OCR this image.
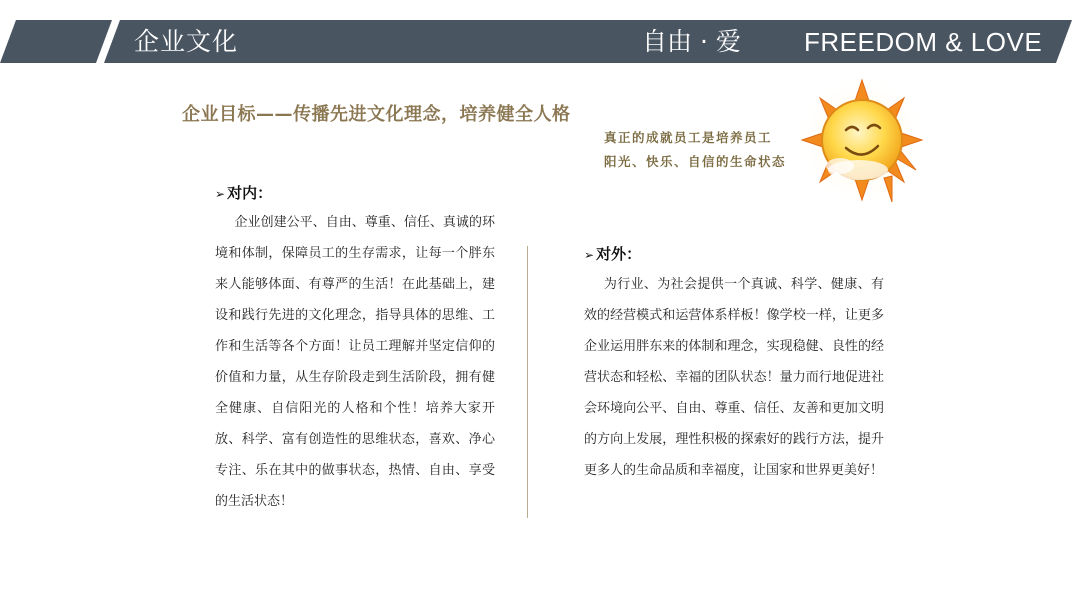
企业文化	自由 · 爱 FREEDOM & LOVE
企业目标——传播先进文化理念，培养健全人格
真正的成就员工是培养员工
阳光、快乐、自信的生命状态
➢ 对内：

  企业创建公平、自由、尊重、信任、真诚的环境和体制，保障员工的生存需求，让每一个胖东来人能够体面、有尊严的生活！在此基础上，建设和践行先进的文化理念，指导具体的思维、工作和生活等各个方面！让员工理解并坚定信仰的价值和力量，从生存阶段走到生活阶段，拥有健全健康、自信阳光的人格和个性！培养大家开放、科学、富有创造性的思维状态，喜欢、净心专注、乐在其中的做事状态，热情、自由、享受的生活状态！

➢ 对外：

  为行业、为社会提供一个真诚、科学、健康、有效的经营模式和运营体系样板！像学校一样，让更多企业运用胖东来的体制和理念，实现稳健、良性的经营状态和轻松、幸福的团队状态！量力而行地促进社会环境向公平、自由、尊重、信任、友善和更加文明的方向上发展，理性积极的探索好的践行方法，提升更多人的生命品质和幸福度，让国家和世界更美好！
